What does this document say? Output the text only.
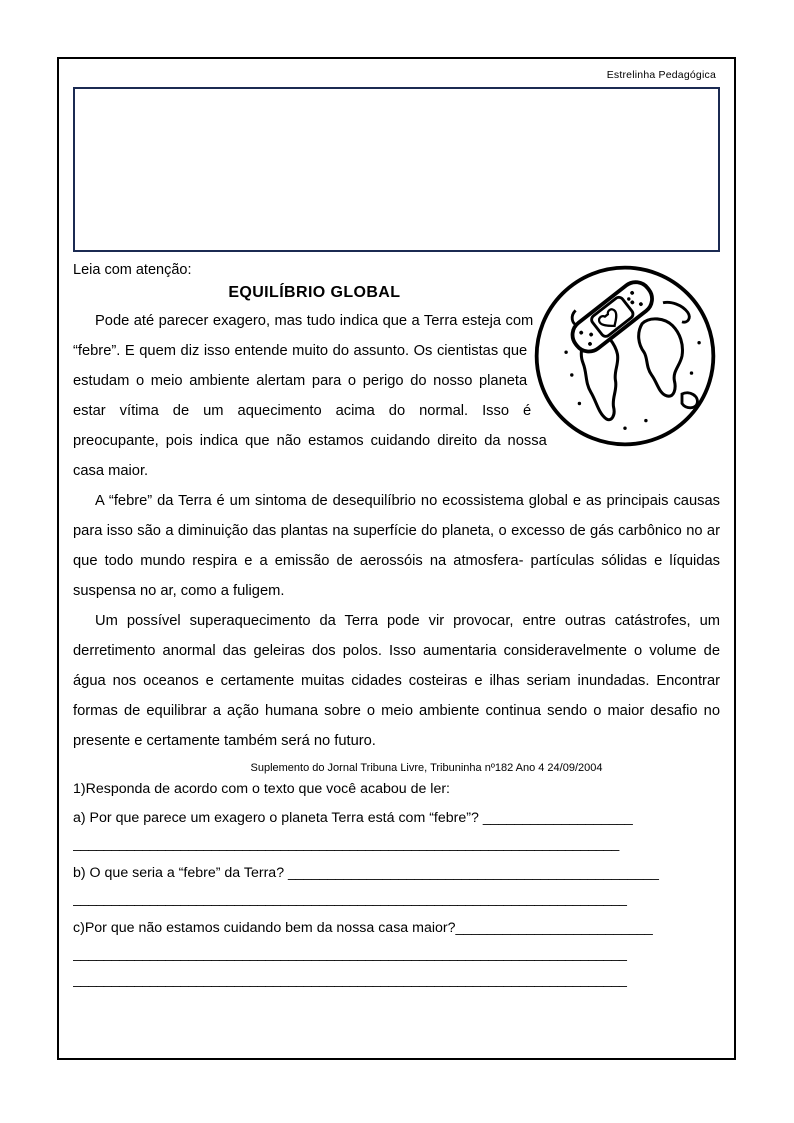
Estrelinha Pedagógica
Leia com atenção:
EQUILÍBRIO GLOBAL

Pode até parecer exagero, mas tudo indica que a Terra esteja com “febre”. E quem diz isso entende muito do assunto. Os cientistas que estudam o meio ambiente alertam para o perigo do nosso planeta estar vítima de um aquecimento acima do normal. Isso é preocupante, pois indica que não estamos cuidando direito da nossa casa maior.

A “febre” da Terra é um sintoma de desequilíbrio no ecossistema global e as principais causas para isso são a diminuição das plantas na superfície do planeta, o excesso de gás carbônico no ar que todo mundo respira e a emissão de aerossóis na atmosfera- partículas sólidas e líquidas suspensa no ar, como a fuligem.

Um possível superaquecimento da Terra pode vir provocar, entre outras catástrofes, um derretimento anormal das geleiras dos polos. Isso aumentaria consideravelmente o volume de água nos oceanos e certamente muitas cidades costeiras e ilhas seriam inundadas. Encontrar formas de equilibrar a ação humana sobre o meio ambiente continua sendo o maior desafio no presente e certamente também será no futuro.

Suplemento do Jornal Tribuna Livre, Tribuninha nº182 Ano 4 24/09/2004
1)Responda de acordo com o texto que você acabou de ler:
a) Por que parece um exagero o planeta Terra está com “febre”? ___________________
_______________________________________________________________________
b) O que seria a “febre” da Terra? _______________________________________________
________________________________________________________________________
c)Por que não estamos cuidando bem da nossa casa maior?_________________________
________________________________________________________________________
________________________________________________________________________
